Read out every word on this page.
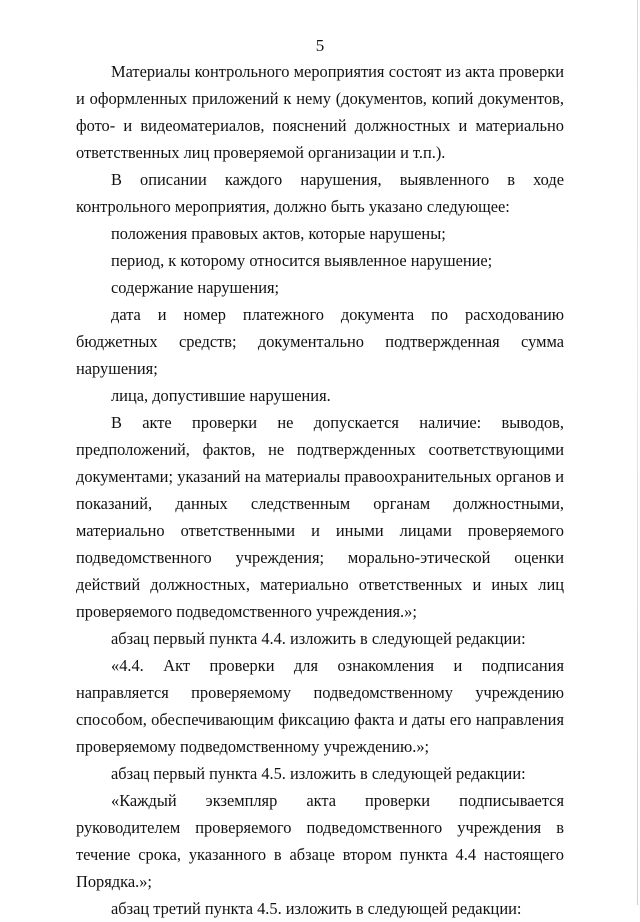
5

Материалы контрольного мероприятия состоят из акта проверки и оформленных приложений к нему (документов, копий документов, фото- и видеоматериалов, пояснений должностных и материально ответственных лиц проверяемой организации и т.п.).

В описании каждого нарушения, выявленного в ходе контрольного мероприятия, должно быть указано следующее:

положения правовых актов, которые нарушены;

период, к которому относится выявленное нарушение;

содержание нарушения;

дата и номер платежного документа по расходованию бюджетных средств; документально подтвержденная сумма нарушения;

лица, допустившие нарушения.

В акте проверки не допускается наличие: выводов, предположений, фактов, не подтвержденных соответствующими документами; указаний на материалы правоохранительных органов и показаний, данных следственным органам должностными, материально ответственными и иными лицами проверяемого подведомственного учреждения; морально-этической оценки действий должностных, материально ответственных и иных лиц проверяемого подведомственного учреждения.»;

абзац первый пункта 4.4. изложить в следующей редакции:

«4.4. Акт проверки для ознакомления и подписания направляется проверяемому подведомственному учреждению способом, обеспечивающим фиксацию факта и даты его направления проверяемому подведомственному учреждению.»;

абзац первый пункта 4.5. изложить в следующей редакции:

«Каждый экземпляр акта проверки подписывается руководителем проверяемого подведомственного учреждения в течение срока, указанного в абзаце втором пункта 4.4 настоящего Порядка.»;

абзац третий пункта 4.5. изложить в следующей редакции:
